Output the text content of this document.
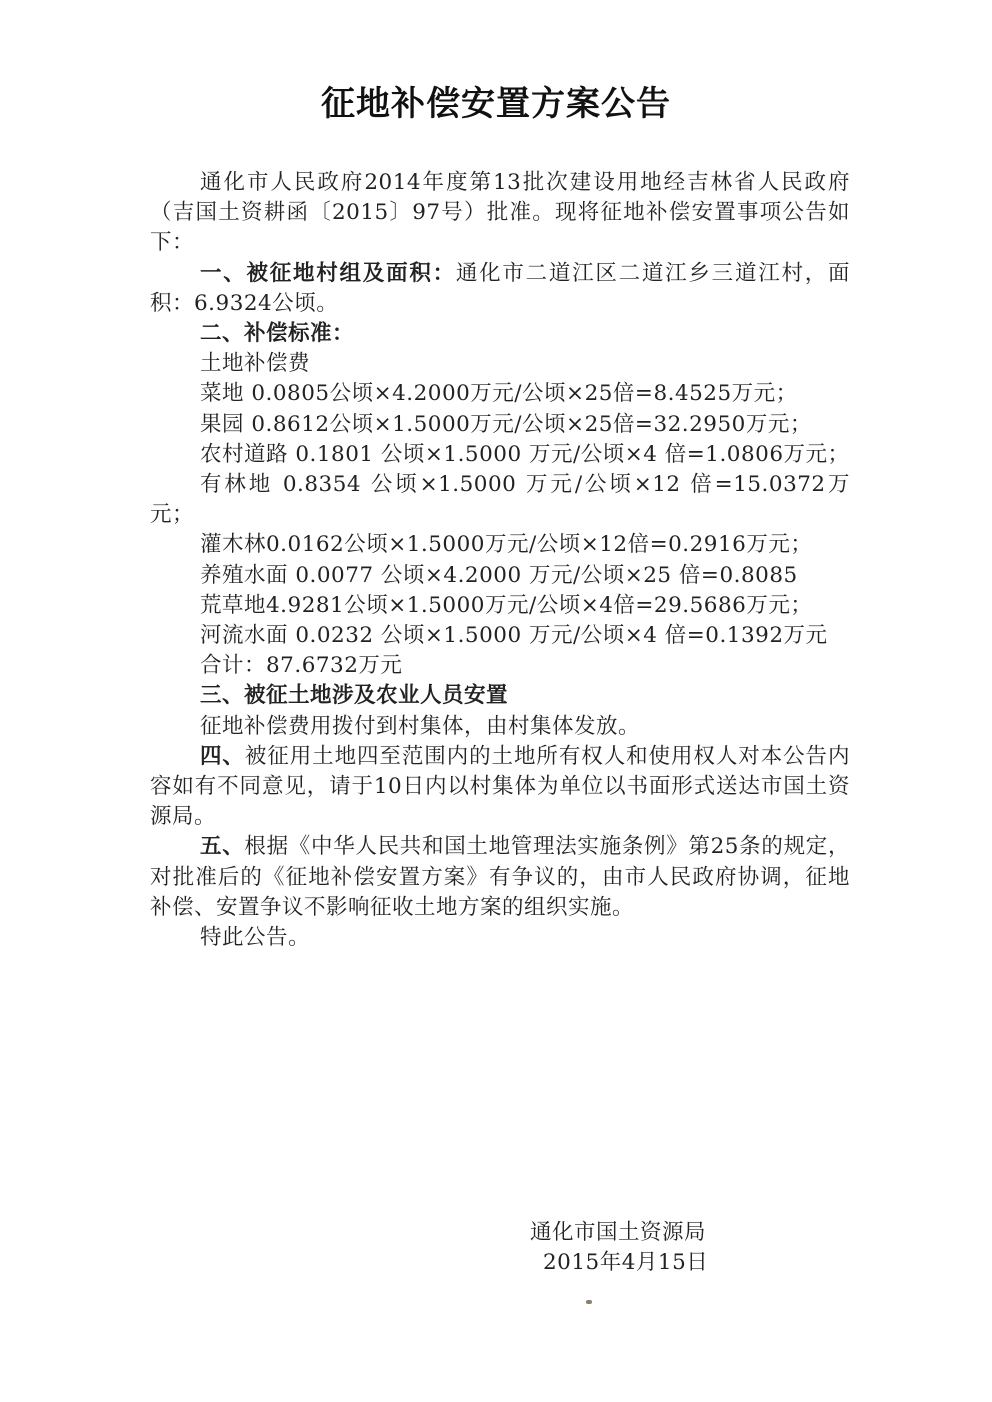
征地补偿安置方案公告

通化市人民政府2014年度第13批次建设用地经吉林省人民政府（吉国土资耕函〔2015〕97号）批准。现将征地补偿安置事项公告如下：

一、被征地村组及面积：通化市二道江区二道江乡三道江村，面积：6.9324公顷。

二、补偿标准：

土地补偿费

菜地 0.0805公顷×4.2000万元/公顷×25倍=8.4525万元；

果园 0.8612公顷×1.5000万元/公顷×25倍=32.2950万元；

农村道路 0.1801 公顷×1.5000 万元/公顷×4 倍=1.0806万元；

有林地 0.8354 公顷×1.5000 万元/公顷×12 倍=15.0372万元；

灌木林0.0162公顷×1.5000万元/公顷×12倍=0.2916万元；

养殖水面 0.0077 公顷×4.2000 万元/公顷×25 倍=0.8085

荒草地4.9281公顷×1.5000万元/公顷×4倍=29.5686万元；

河流水面 0.0232 公顷×1.5000 万元/公顷×4 倍=0.1392万元

合计：87.6732万元

三、被征土地涉及农业人员安置

征地补偿费用拨付到村集体，由村集体发放。

四、被征用土地四至范围内的土地所有权人和使用权人对本公告内容如有不同意见，请于10日内以村集体为单位以书面形式送达市国土资源局。

五、根据《中华人民共和国土地管理法实施条例》第25条的规定，对批准后的《征地补偿安置方案》有争议的，由市人民政府协调，征地补偿、安置争议不影响征收土地方案的组织实施。

特此公告。

通化市国土资源局
2015年4月15日
